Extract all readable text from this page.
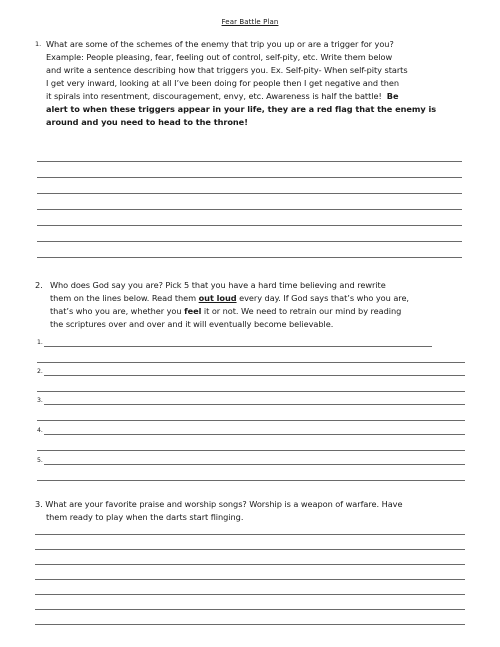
Fear Battle Plan
1. What are some of the schemes of the enemy that trip you up or are a trigger for you?

Example: People pleasing, fear, feeling out of control, self-pity, etc. Write them below

and write a sentence describing how that triggers you. Ex. Self-pity- When self-pity starts

I get very inward, looking at all I’ve been doing for people then I get negative and then

it spirals into resentment, discouragement, envy, etc. Awareness is half the battle! Be

alert to when these triggers appear in your life, they are a red flag that the enemy is

around and you need to head to the throne!

2. Who does God say you are? Pick 5 that you have a hard time believing and rewrite

them on the lines below. Read them out loud every day. If God says that’s who you are,

that’s who you are, whether you feel it or not. We need to retrain our mind by reading

the scriptures over and over and it will eventually become believable.

1.
2.
3.
4.
5.

3. What are your favorite praise and worship songs? Worship is a weapon of warfare. Have

them ready to play when the darts start flinging.
